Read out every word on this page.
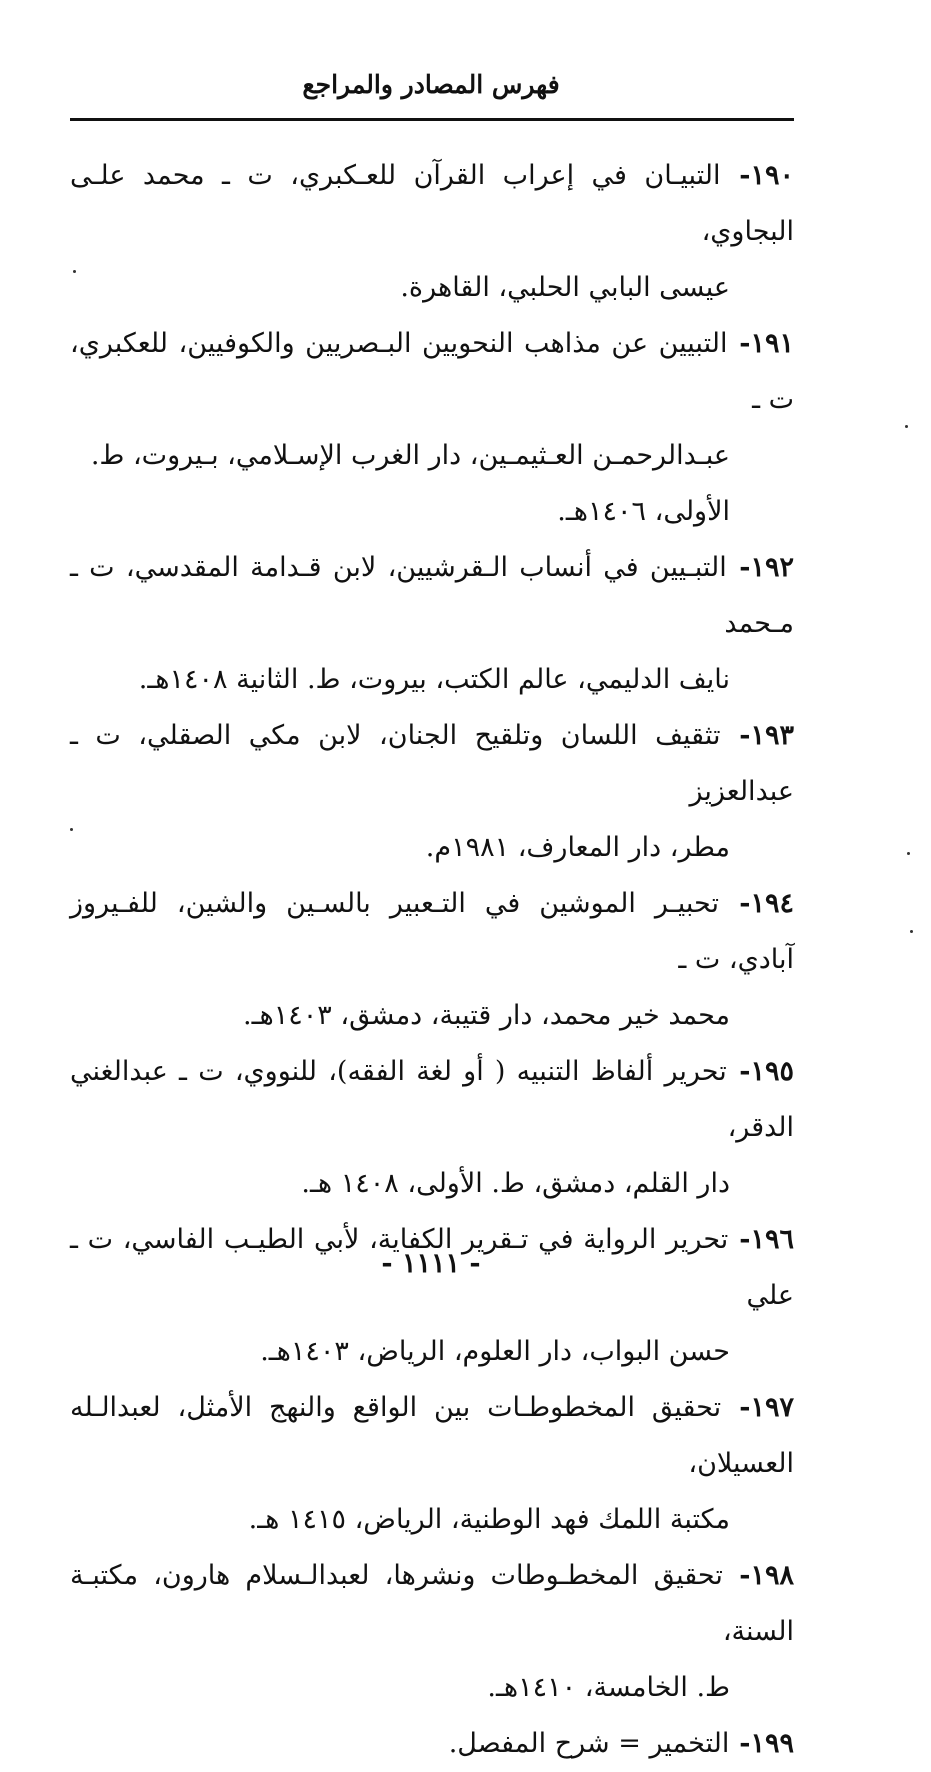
فهرس المصادر والمراجع
١٩٠- التبيـان في إعراب القرآن للعـكبري، ت ـ محمد علـى البجاوي،
عيسى البابي الحلبي، القاهرة.
١٩١- التبيين عن مذاهب النحويين البـصريين والكوفيين، للعكبري، ت ـ
عبـدالرحمـن العـثيمـين، دار الغرب الإسـلامي، بـيروت، ط.
الأولى، ١٤٠٦هـ.
١٩٢- التبـيين في أنساب الـقرشيين، لابن قـدامة المقدسي، ت ـ مـحمد
نايف الدليمي، عالم الكتب، بيروت، ط. الثانية ١٤٠٨هـ.
١٩٣- تثقيف اللسان وتلقيح الجنان، لابن مكي الصقلي، ت ـ عبدالعزيز
مطر، دار المعارف، ١٩٨١م.
١٩٤- تحبيـر الموشين في التـعبير بالسـين والشين، للفـيروز آبادي، ت ـ
محمد خير محمد، دار قتيبة، دمشق، ١٤٠٣هـ.
١٩٥- تحرير ألفاظ التنبيه ( أو لغة الفقه)، للنووي، ت ـ عبدالغني الدقر،
دار القلم، دمشق، ط. الأولى، ١٤٠٨ هـ.
١٩٦- تحرير الرواية في تـقرير الكفاية، لأبي الطيـب الفاسي، ت ـ علي
حسن البواب، دار العلوم، الرياض، ١٤٠٣هـ.
١٩٧- تحقيق المخطوطـات بين الواقع والنهج الأمثل، لعبدالـله العسيلان،
مكتبة اللمك فهد الوطنية، الرياض، ١٤١٥ هـ.
١٩٨- تحقيق المخطـوطات ونشرها، لعبدالـسلام هارون، مكتبـة السنة،
ط. الخامسة، ١٤١٠هـ.
١٩٩- التخمير = شرح المفصل.
- ١١١١ -
